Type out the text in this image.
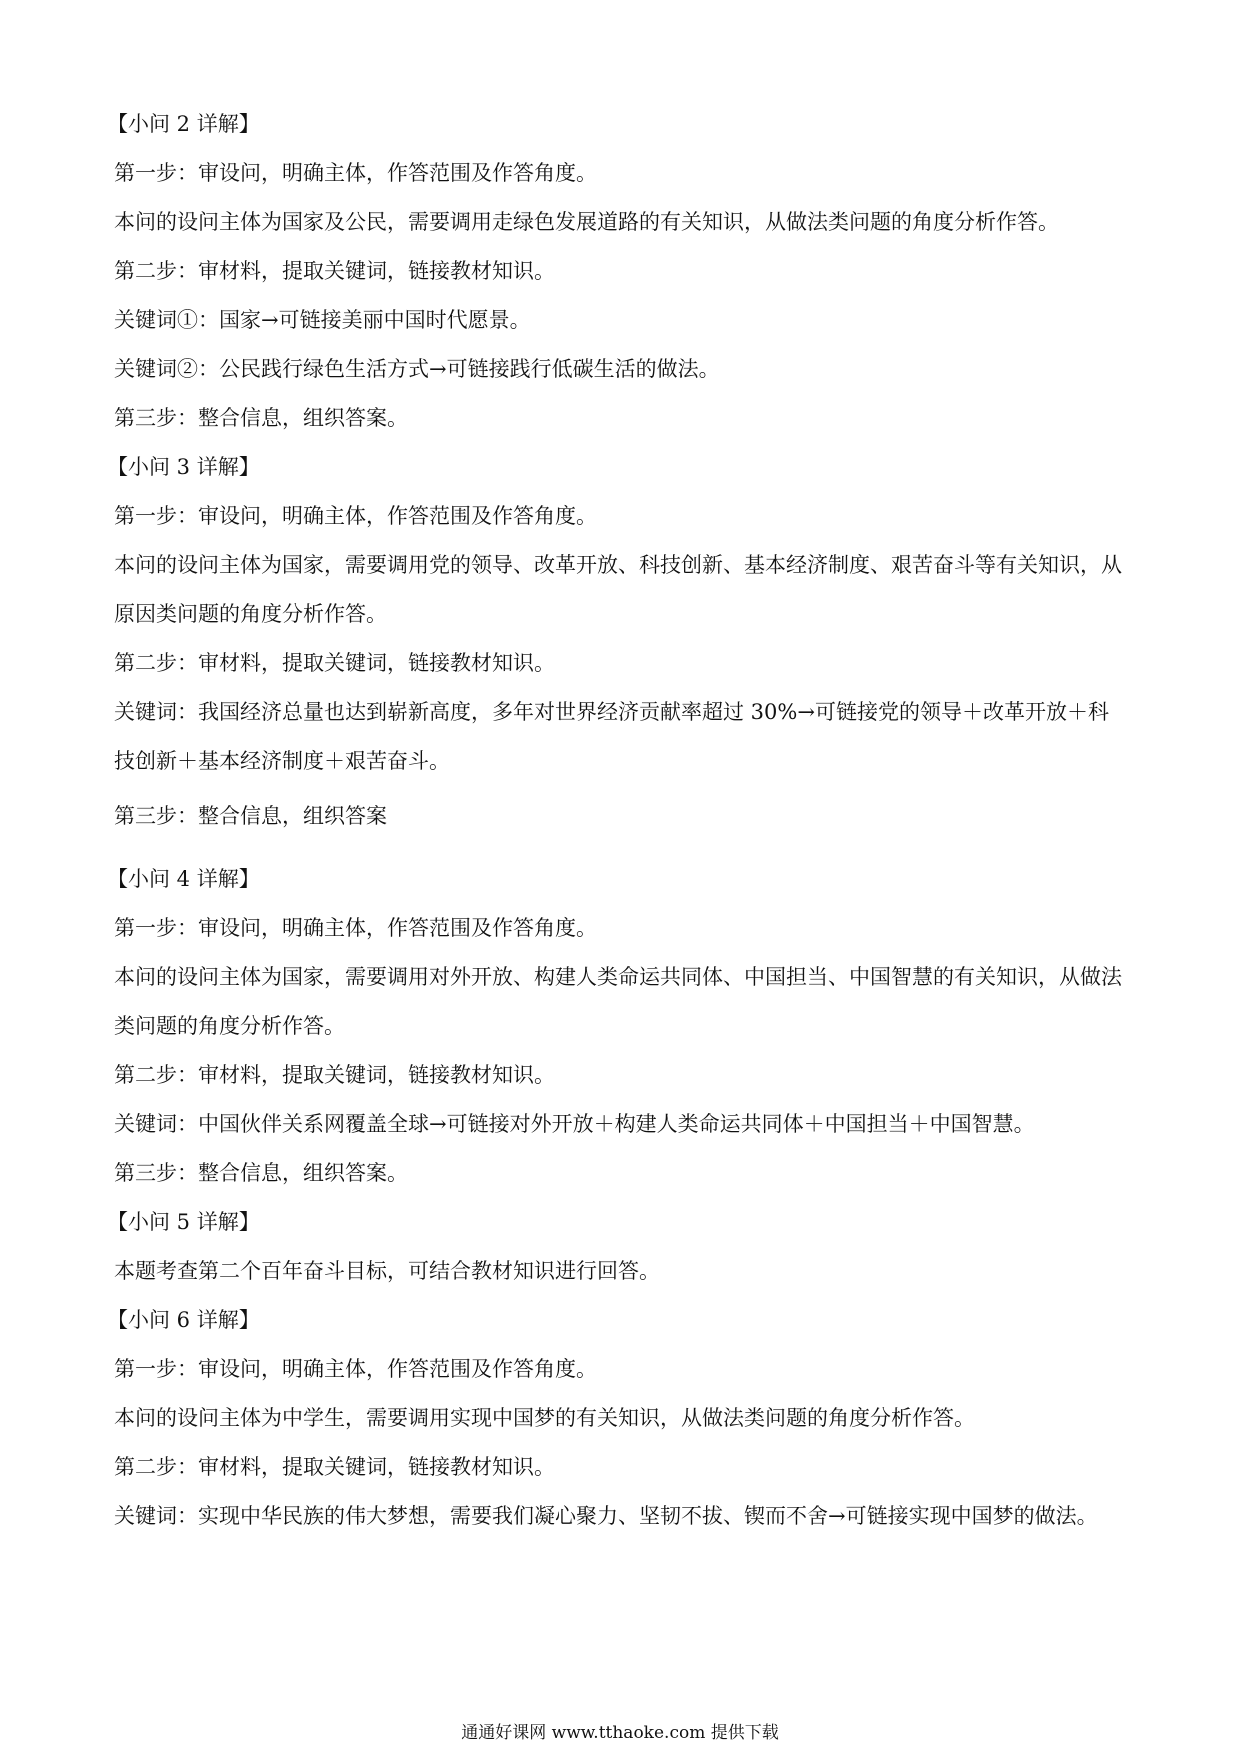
【小问 2 详解】

第一步：审设问，明确主体，作答范围及作答角度。

本问的设问主体为国家及公民，需要调用走绿色发展道路的有关知识，从做法类问题的角度分析作答。

第二步：审材料，提取关键词，链接教材知识。

关键词①：国家→可链接美丽中国时代愿景。

关键词②：公民践行绿色生活方式→可链接践行低碳生活的做法。

第三步：整合信息，组织答案。

【小问 3 详解】

第一步：审设问，明确主体，作答范围及作答角度。

本问的设问主体为国家，需要调用党的领导、改革开放、科技创新、基本经济制度、艰苦奋斗等有关知识，从原因类问题的角度分析作答。

第二步：审材料，提取关键词，链接教材知识。

关键词：我国经济总量也达到崭新高度，多年对世界经济贡献率超过 30%→可链接党的领导＋改革开放＋科技创新＋基本经济制度＋艰苦奋斗。

第三步：整合信息，组织答案

【小问 4 详解】

第一步：审设问，明确主体，作答范围及作答角度。

本问的设问主体为国家，需要调用对外开放、构建人类命运共同体、中国担当、中国智慧的有关知识，从做法类问题的角度分析作答。

第二步：审材料，提取关键词，链接教材知识。

关键词：中国伙伴关系网覆盖全球→可链接对外开放＋构建人类命运共同体＋中国担当＋中国智慧。

第三步：整合信息，组织答案。

【小问 5 详解】

本题考查第二个百年奋斗目标，可结合教材知识进行回答。

【小问 6 详解】

第一步：审设问，明确主体，作答范围及作答角度。

本问的设问主体为中学生，需要调用实现中国梦的有关知识，从做法类问题的角度分析作答。

第二步：审材料，提取关键词，链接教材知识。

关键词：实现中华民族的伟大梦想，需要我们凝心聚力、坚韧不拔、锲而不舍→可链接实现中国梦的做法。

通通好课网 www.tthaoke.com 提供下载
